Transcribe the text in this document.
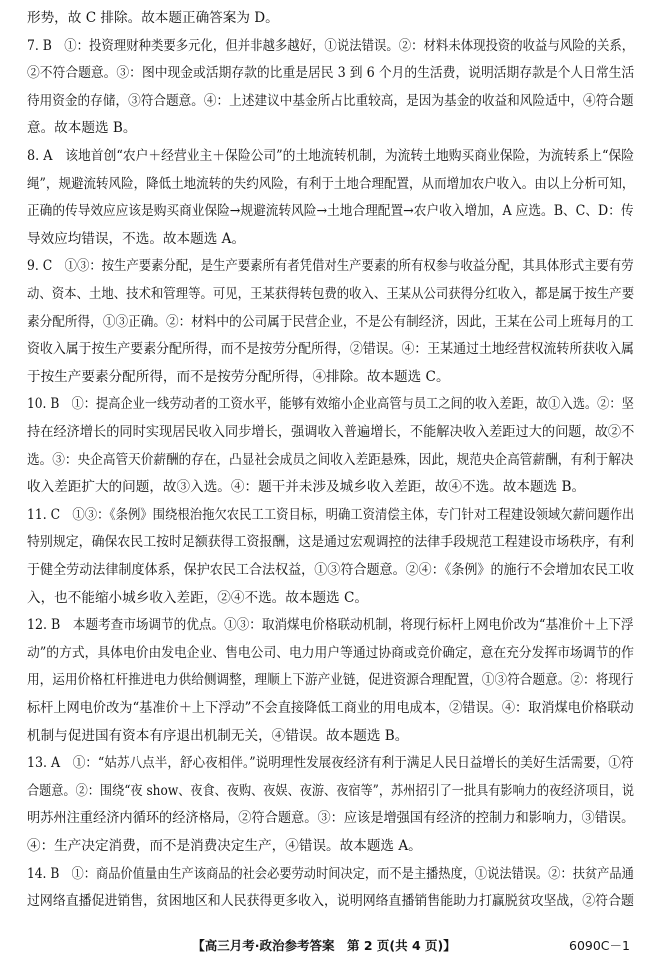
形势，故 C 排除。故本题正确答案为 D。
7. B　①：投资理财种类要多元化，但并非越多越好，①说法错误。②：材料未体现投资的收益与风险的关系，
②不符合题意。③：图中现金或活期存款的比重是居民 3 到 6 个月的生活费，说明活期存款是个人日常生活
待用资金的存储，③符合题意。④：上述建议中基金所占比重较高，是因为基金的收益和风险适中，④符合题
意。故本题选 B。
8. A　该地首创“农户＋经营业主＋保险公司”的土地流转机制，为流转土地购买商业保险，为流转系上“保险
绳”，规避流转风险，降低土地流转的失约风险，有利于土地合理配置，从而增加农户收入。由以上分析可知，
正确的传导效应应该是购买商业保险→规避流转风险→土地合理配置→农户收入增加，A 应选。B、C、D：传
导效应均错误，不选。故本题选 A。
9. C　①③：按生产要素分配，是生产要素所有者凭借对生产要素的所有权参与收益分配，其具体形式主要有劳
动、资本、土地、技术和管理等。可见，王某获得转包费的收入、王某从公司获得分红收入，都是属于按生产要
素分配所得，①③正确。②：材料中的公司属于民营企业，不是公有制经济，因此，王某在公司上班每月的工
资收入属于按生产要素分配所得，而不是按劳分配所得，②错误。④：王某通过土地经营权流转所获收入属
于按生产要素分配所得，而不是按劳分配所得，④排除。故本题选 C。
10. B　①：提高企业一线劳动者的工资水平，能够有效缩小企业高管与员工之间的收入差距，故①入选。②：坚
持在经济增长的同时实现居民收入同步增长，强调收入普遍增长，不能解决收入差距过大的问题，故②不
选。③：央企高管天价薪酬的存在，凸显社会成员之间收入差距悬殊，因此，规范央企高管薪酬，有利于解决
收入差距扩大的问题，故③入选。④：题干并未涉及城乡收入差距，故④不选。故本题选 B。
11. C　①③：《条例》围绕根治拖欠农民工工资目标，明确工资清偿主体，专门针对工程建设领域欠薪问题作出
特别规定，确保农民工按时足额获得工资报酬，这是通过宏观调控的法律手段规范工程建设市场秩序，有利
于健全劳动法律制度体系，保护农民工合法权益，①③符合题意。②④：《条例》的施行不会增加农民工收
入，也不能缩小城乡收入差距，②④不选。故本题选 C。
12. B　本题考查市场调节的优点。①③：取消煤电价格联动机制，将现行标杆上网电价改为“基准价＋上下浮
动”的方式，具体电价由发电企业、售电公司、电力用户等通过协商或竞价确定，意在充分发挥市场调节的作
用，运用价格杠杆推进电力供给侧调整，理顺上下游产业链，促进资源合理配置，①③符合题意。②：将现行
标杆上网电价改为“基准价＋上下浮动”不会直接降低工商业的用电成本，②错误。④：取消煤电价格联动
机制与促进国有资本有序退出机制无关，④错误。故本题选 B。
13. A　①：“姑苏八点半，舒心夜相伴。”说明理性发展夜经济有利于满足人民日益增长的美好生活需要，①符
合题意。②：围绕“夜 show、夜食、夜购、夜娱、夜游、夜宿等”，苏州招引了一批具有影响力的夜经济项目，说
明苏州注重经济内循环的经济格局，②符合题意。③：应该是增强国有经济的控制力和影响力，③错误。
④：生产决定消费，而不是消费决定生产，④错误。故本题选 A。
14. B　①：商品价值量由生产该商品的社会必要劳动时间决定，而不是主播热度，①说法错误。②：扶贫产品通
过网络直播促进销售，贫困地区和人民获得更多收入，说明网络直播销售能助力打赢脱贫攻坚战，②符合题
【高三月考·政治参考答案　第 2 页(共 4 页)】	6090C－1
